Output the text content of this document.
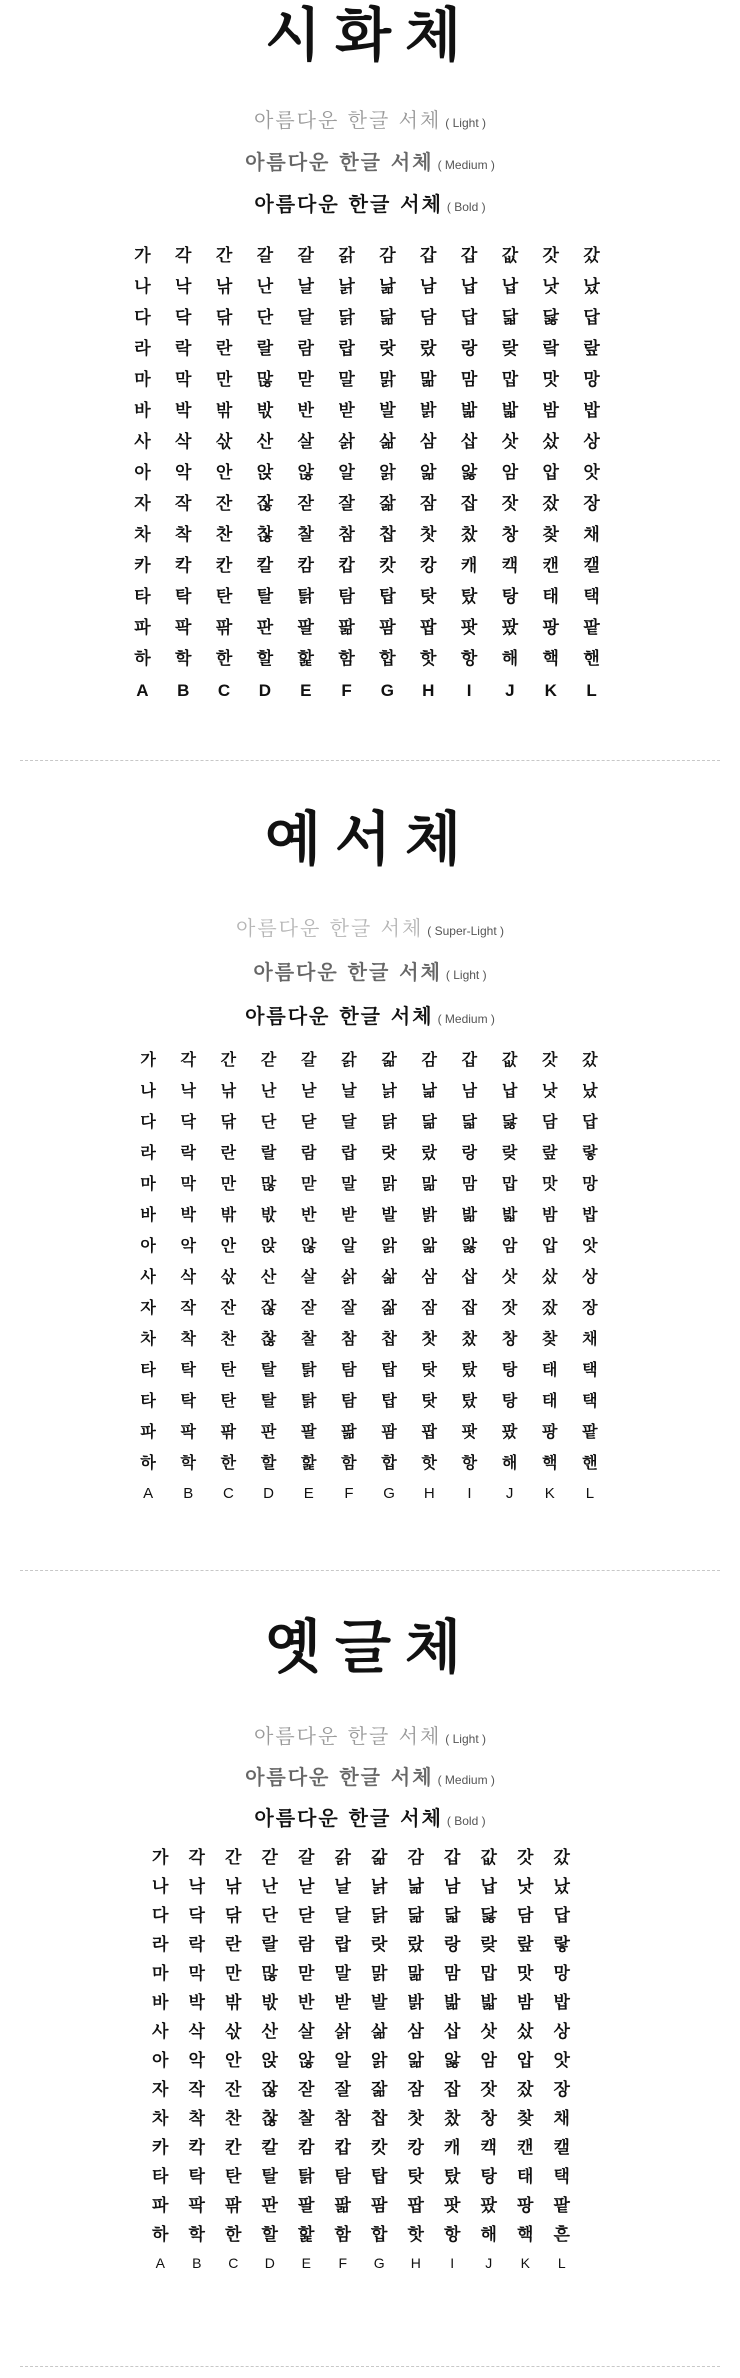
시화체
아름다운 한글 서체 ( Light )
아름다운 한글 서체 ( Medium )
아름다운 한글 서체 ( Bold )
가	각	간	갈	갈	갉	감	갑	갑	값	갓	갔
나	낙	낚	난	날	낡	낢	남	납	납	낫	났
다	닥	닦	단	달	닭	닮	담	답	닯	닳	답
라	락	란	랄	람	랍	랏	랐	랑	랒	랔	랖
마	막	만	많	맏	말	맑	맒	맘	맙	맛	망
바	박	밖	밗	반	받	발	밝	밞	밟	밤	밥
사	삭	삯	산	살	삵	삶	삼	삽	삿	샀	상
아	악	안	앉	않	알	앍	앎	앓	암	압	앗
자	작	잔	잖	잗	잘	잚	잠	잡	잣	잤	장
차	착	찬	찮	찰	참	찹	찻	찼	창	찾	채
카	칵	칸	칼	캄	캅	캇	캉	캐	캑	캔	캘
타	탁	탄	탈	탉	탐	탑	탓	탔	탕	태	택
파	팍	팎	판	팔	팖	팜	팝	팟	팠	팡	팥
하	학	한	할	핥	함	합	핫	항	해	핵	핸
A	B	C	D	E	F	G	H	I	J	K	L
예서체
아름다운 한글 서체 ( Super-Light )
아름다운 한글 서체 ( Light )
아름다운 한글 서체 ( Medium )
가	각	간	갇	갈	갉	갊	감	갑	값	갓	갔
나	낙	낚	난	낟	날	낡	낢	남	납	낫	났
다	닥	닦	단	닫	달	닭	닮	닯	닳	담	답
라	락	란	랄	람	랍	랏	랐	랑	랒	랖	랗
마	막	만	많	맏	말	맑	맒	맘	맙	맛	망
바	박	밖	밗	반	받	발	밝	밞	밟	밤	밥
아	악	안	앉	않	알	앍	앎	앓	암	압	앗
사	삭	삯	산	살	삵	삶	삼	삽	삿	샀	상
자	작	잔	잖	잗	잘	잚	잠	잡	잣	잤	장
차	착	찬	찮	찰	참	찹	찻	찼	창	찾	채
타	탁	탄	탈	탉	탐	탑	탓	탔	탕	태	택
타	탁	탄	탈	탉	탐	탑	탓	탔	탕	태	택
파	팍	팎	판	팔	팖	팜	팝	팟	팠	팡	팥
하	학	한	할	핥	함	합	핫	항	해	핵	핸
A	B	C	D	E	F	G	H	I	J	K	L
옛글체
아름다운 한글 서체 ( Light )
아름다운 한글 서체 ( Medium )
아름다운 한글 서체 ( Bold )
가	각	간	갇	갈	갉	갊	감	갑	값	갓	갔
나	낙	낚	난	낟	날	낡	낢	남	납	낫	났
다	닥	닦	단	닫	달	닭	닮	닯	닳	담	답
라	락	란	랄	람	랍	랏	랐	랑	랒	랖	랗
마	막	만	많	맏	말	맑	맒	맘	맙	맛	망
바	박	밖	밗	반	받	발	밝	밞	밟	밤	밥
사	삭	삯	산	살	삵	삶	삼	삽	삿	샀	상
아	악	안	앉	않	알	앍	앎	앓	암	압	앗
자	작	잔	잖	잗	잘	잚	잠	잡	잣	잤	장
차	착	찬	찮	찰	참	찹	찻	찼	창	찾	채
카	칵	칸	칼	캄	캅	캇	캉	캐	캑	캔	캘
타	탁	탄	탈	탉	탐	탑	탓	탔	탕	태	택
파	팍	팎	판	팔	팖	팜	팝	팟	팠	팡	팥
하	학	한	할	핥	함	합	핫	항	해	핵	흔
A	B	C	D	E	F	G	H	I	J	K	L
